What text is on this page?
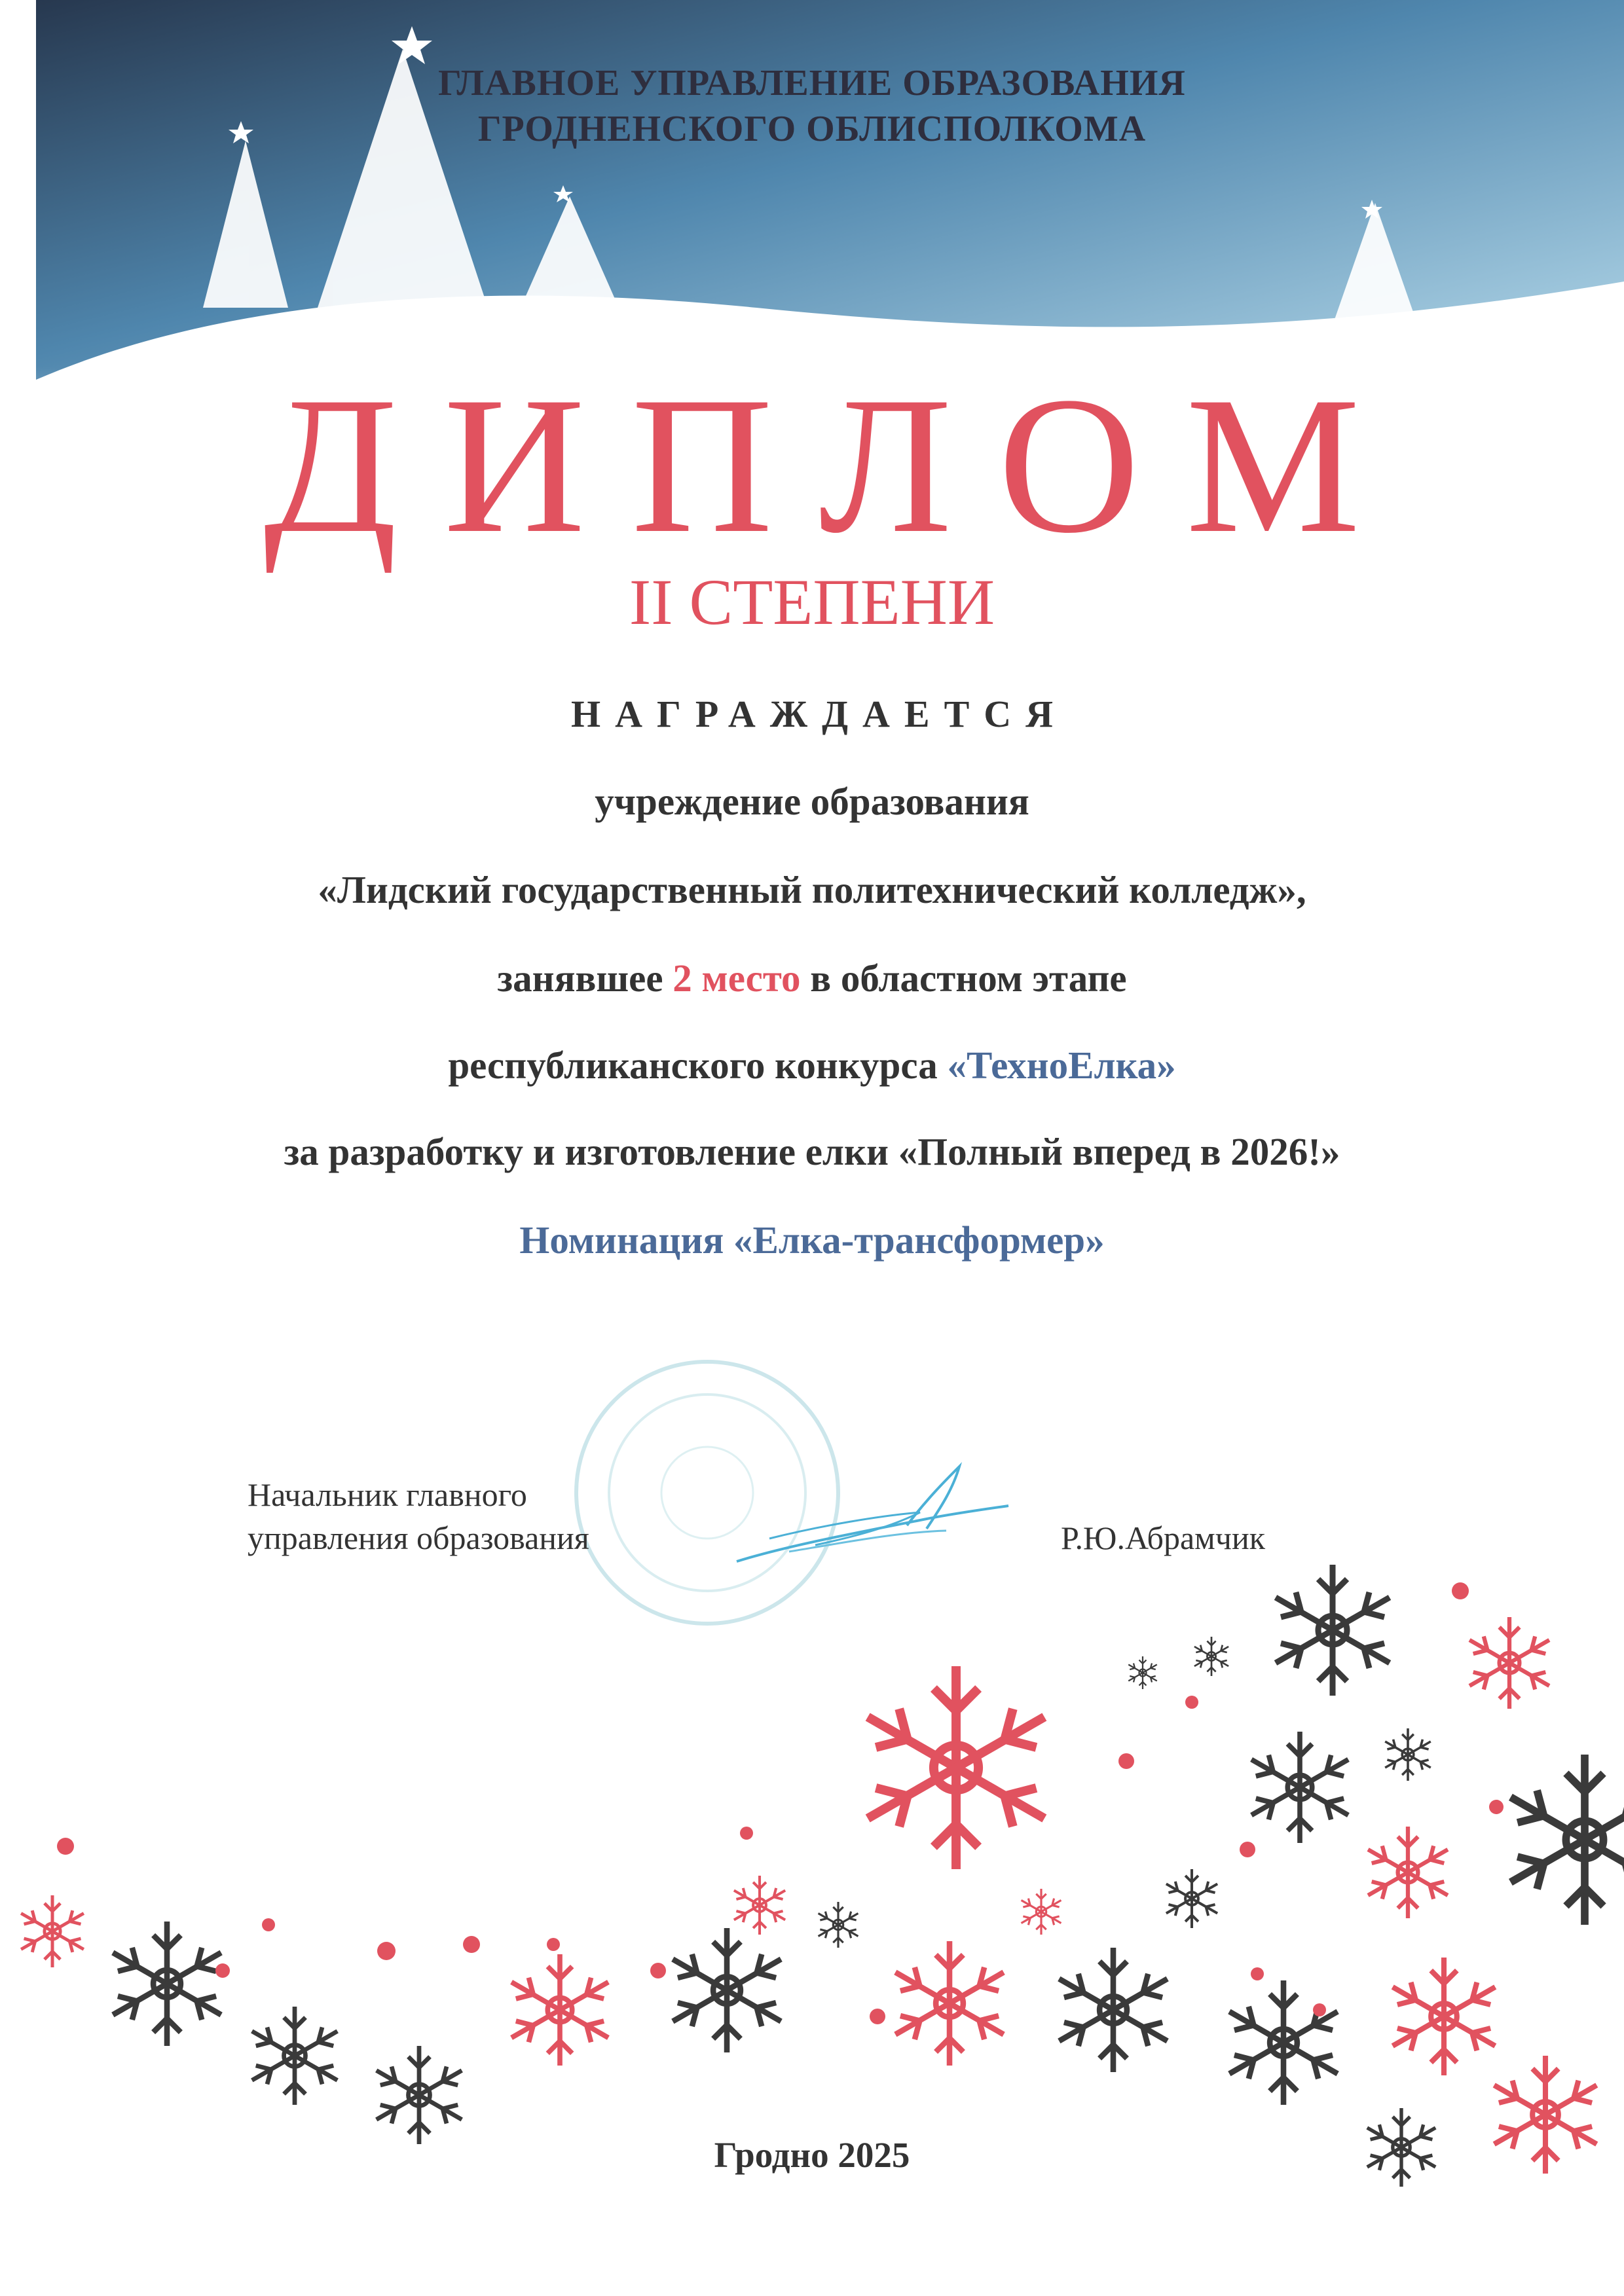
ГЛАВНОЕ УПРАВЛЕНИЕ ОБРАЗОВАНИЯ
ГРОДНЕНСКОГО ОБЛИСПОЛКОМА
ДИПЛОМ
II СТЕПЕНИ
НАГРАЖДАЕТСЯ
учреждение образования
«Лидский государственный политехнический колледж»,
занявшее 2 место в областном этапе
республиканского конкурса «ТехноЕлка»
за разработку и изготовление елки «Полный вперед в 2026!»
Номинация «Елка-трансформер»
Начальник главного
управления образования	Р.Ю.Абрамчик
Гродно 2025
